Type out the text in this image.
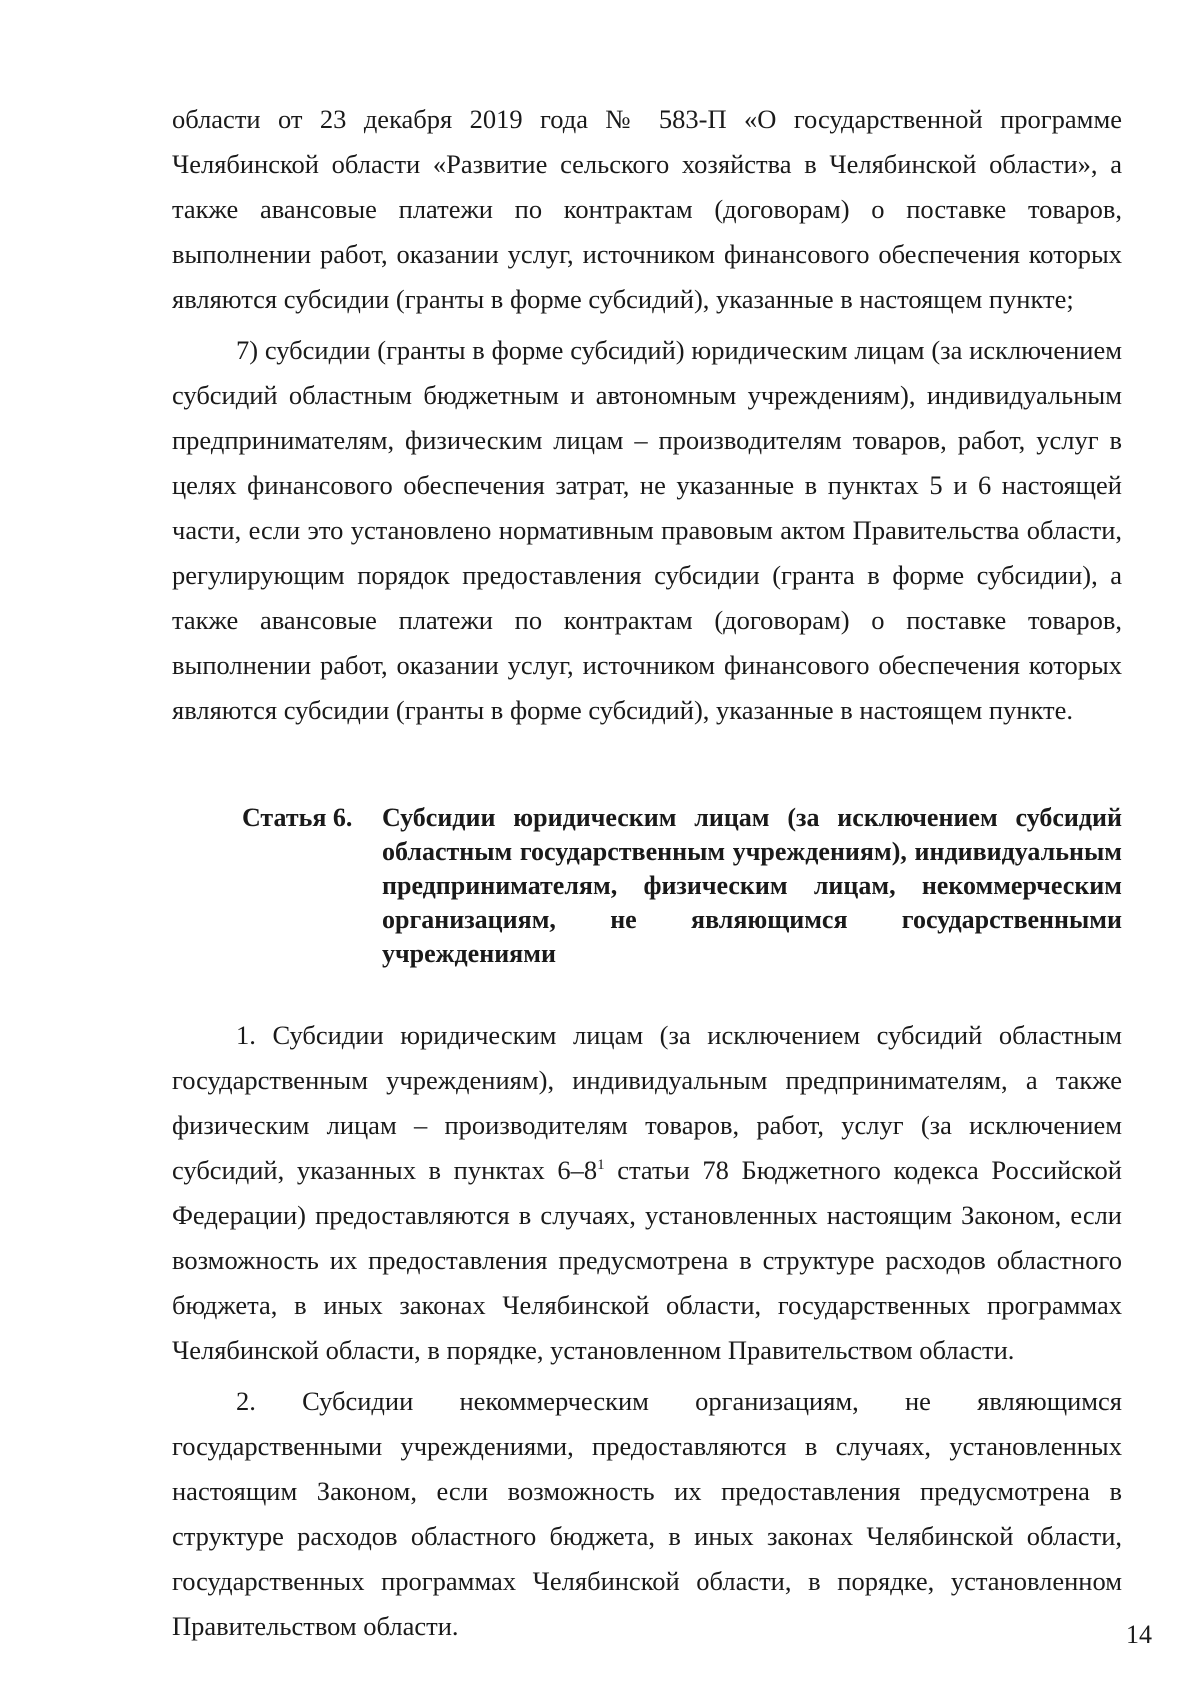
области от 23 декабря 2019 года № 583-П «О государственной программе Челябинской области «Развитие сельского хозяйства в Челябинской области», а также авансовые платежи по контрактам (договорам) о поставке товаров, выполнении работ, оказании услуг, источником финансового обеспечения которых являются субсидии (гранты в форме субсидий), указанные в настоящем пункте;

7) субсидии (гранты в форме субсидий) юридическим лицам (за исключением субсидий областным бюджетным и автономным учреждениям), индивидуальным предпринимателям, физическим лицам – производителям товаров, работ, услуг в целях финансового обеспечения затрат, не указанные в пунктах 5 и 6 настоящей части, если это установлено нормативным правовым актом Правительства области, регулирующим порядок предоставления субсидии (гранта в форме субсидии), а также авансовые платежи по контрактам (договорам) о поставке товаров, выполнении работ, оказании услуг, источником финансового обеспечения которых являются субсидии (гранты в форме субсидий), указанные в настоящем пункте.

Статья 6.	Субсидии юридическим лицам (за исключением субсидий областным государственным учреждениям), индивидуальным предпринимателям, физическим лицам, некоммерческим организациям, не являющимся государственными учреждениями

1. Субсидии юридическим лицам (за исключением субсидий областным государственным учреждениям), индивидуальным предпринимателям, а также физическим лицам – производителям товаров, работ, услуг (за исключением субсидий, указанных в пунктах $6-8^1$ статьи 78 Бюджетного кодекса Российской Федерации) предоставляются в случаях, установленных настоящим Законом, если возможность их предоставления предусмотрена в структуре расходов областного бюджета, в иных законах Челябинской области, государственных программах Челябинской области, в порядке, установленном Правительством области.

2. Субсидии некоммерческим организациям, не являющимся государственными учреждениями, предоставляются в случаях, установленных настоящим Законом, если возможность их предоставления предусмотрена в структуре расходов областного бюджета, в иных законах Челябинской области, государственных программах Челябинской области, в порядке, установленном Правительством области.	14
